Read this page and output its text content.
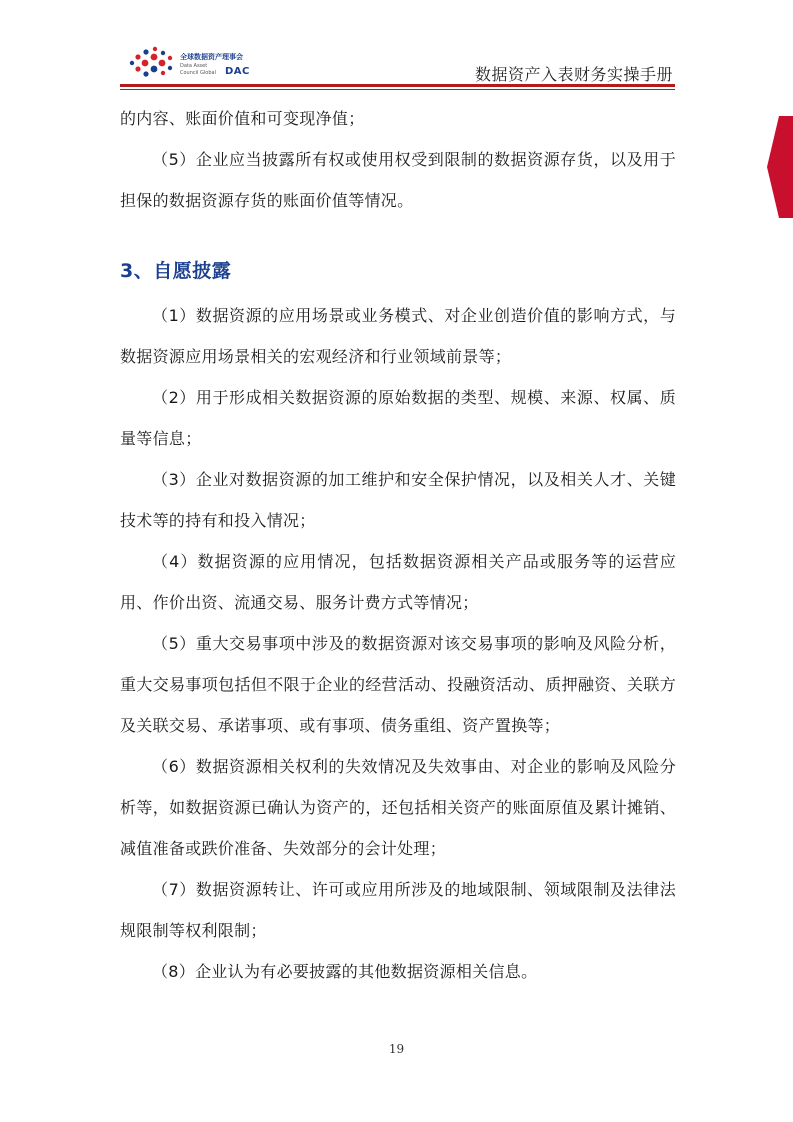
全球数据资产理事会
Data Asset
Council Global DAC	数据资产入表财务实操手册

的内容、账面价值和可变现净值；

（5）企业应当披露所有权或使用权受到限制的数据资源存货，以及用于担保的数据资源存货的账面价值等情况。

3、自愿披露

（1）数据资源的应用场景或业务模式、对企业创造价值的影响方式，与数据资源应用场景相关的宏观经济和行业领域前景等；

（2）用于形成相关数据资源的原始数据的类型、规模、来源、权属、质量等信息；

（3）企业对数据资源的加工维护和安全保护情况，以及相关人才、关键技术等的持有和投入情况；

（4）数据资源的应用情况，包括数据资源相关产品或服务等的运营应用、作价出资、流通交易、服务计费方式等情况；

（5）重大交易事项中涉及的数据资源对该交易事项的影响及风险分析，重大交易事项包括但不限于企业的经营活动、投融资活动、质押融资、关联方及关联交易、承诺事项、或有事项、债务重组、资产置换等；

（6）数据资源相关权利的失效情况及失效事由、对企业的影响及风险分析等，如数据资源已确认为资产的，还包括相关资产的账面原值及累计摊销、减值准备或跌价准备、失效部分的会计处理；

（7）数据资源转让、许可或应用所涉及的地域限制、领域限制及法律法规限制等权利限制；

（8）企业认为有必要披露的其他数据资源相关信息。

19
